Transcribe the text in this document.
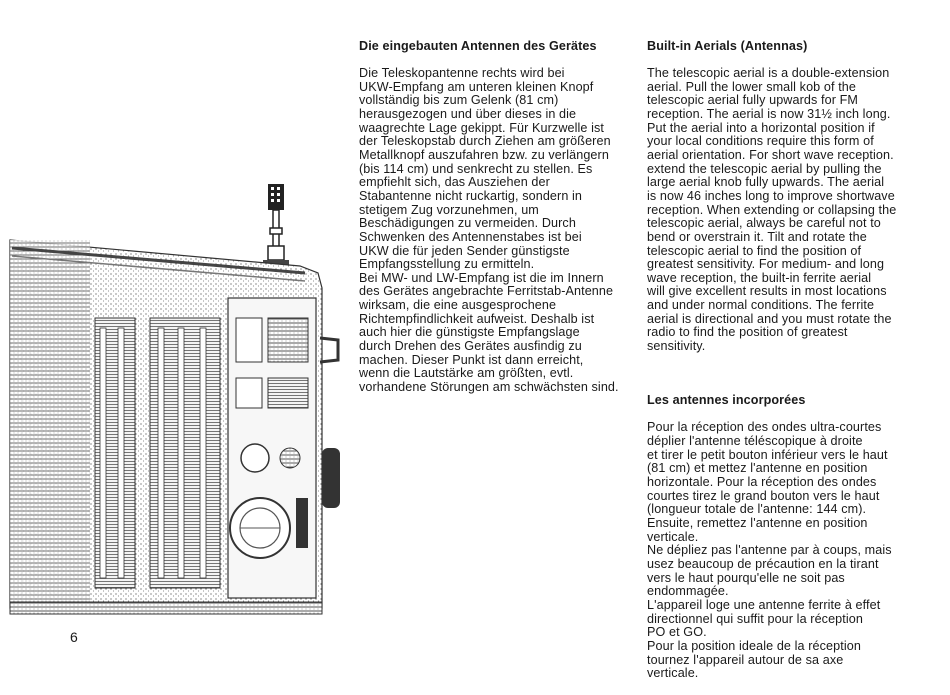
Die eingebauten Antennen des Gerätes

Die Teleskopantenne rechts wird bei
UKW-Empfang am unteren kleinen Knopf
vollständig bis zum Gelenk (81 cm)
herausgezogen und über dieses in die
waagrechte Lage gekippt. Für Kurzwelle ist
der Teleskopstab durch Ziehen am größeren
Metallknopf auszufahren bzw. zu verlängern
(bis 114 cm) und senkrecht zu stellen. Es
empfiehlt sich, das Ausziehen der
Stabantenne nicht ruckartig, sondern in
stetigem Zug vorzunehmen, um
Beschädigungen zu vermeiden. Durch
Schwenken des Antennenstabes ist bei
UKW die für jeden Sender günstigste
Empfangsstellung zu ermitteln.
Bei MW- und LW-Empfang ist die im Innern
des Gerätes angebrachte Ferritstab-Antenne
wirksam, die eine ausgesprochene
Richtempfindlichkeit aufweist. Deshalb ist
auch hier die günstigste Empfangslage
durch Drehen des Gerätes ausfindig zu
machen. Dieser Punkt ist dann erreicht,
wenn die Lautstärke am größten, evtl.
vorhandene Störungen am schwächsten sind.

Built-in Aerials (Antennas)

The telescopic aerial is a double-extension
aerial. Pull the lower small kob of the
telescopic aerial fully upwards for FM
reception. The aerial is now 31½ inch long.
Put the aerial into a horizontal position if
your local conditions require this form of
aerial orientation. For short wave reception.
extend the telescopic aerial by pulling the
large aerial knob fully upwards. The aerial
is now 46 inches long to improve shortwave
reception. When extending or collapsing the
telescopic aerial, always be careful not to
bend or overstrain it. Tilt and rotate the
telescopic aerial to find the position of
greatest sensitivity. For medium- and long
wave reception, the built-in ferrite aerial
will give excellent results in most locations
and under normal conditions. The ferrite
aerial is directional and you must rotate the
radio to find the position of greatest
sensitivity.

Les antennes incorporées

Pour la réception des ondes ultra-courtes
déplier l'antenne téléscopique à droite
et tirer le petit bouton inférieur vers le haut
(81 cm) et mettez l'antenne en position
horizontale. Pour la réception des ondes
courtes tirez le grand bouton vers le haut
(longueur totale de l'antenne: 144 cm).
Ensuite, remettez l'antenne en position
verticale.
Ne dépliez pas l'antenne par à coups, mais
usez beaucoup de précaution en la tirant
vers le haut pourqu'elle ne soit pas
endommagée.
L'appareil loge une antenne ferrite à effet
directionnel qui suffit pour la réception
PO et GO.
Pour la position ideale de la réception
tournez l'appareil autour de sa axe
verticale.

6
